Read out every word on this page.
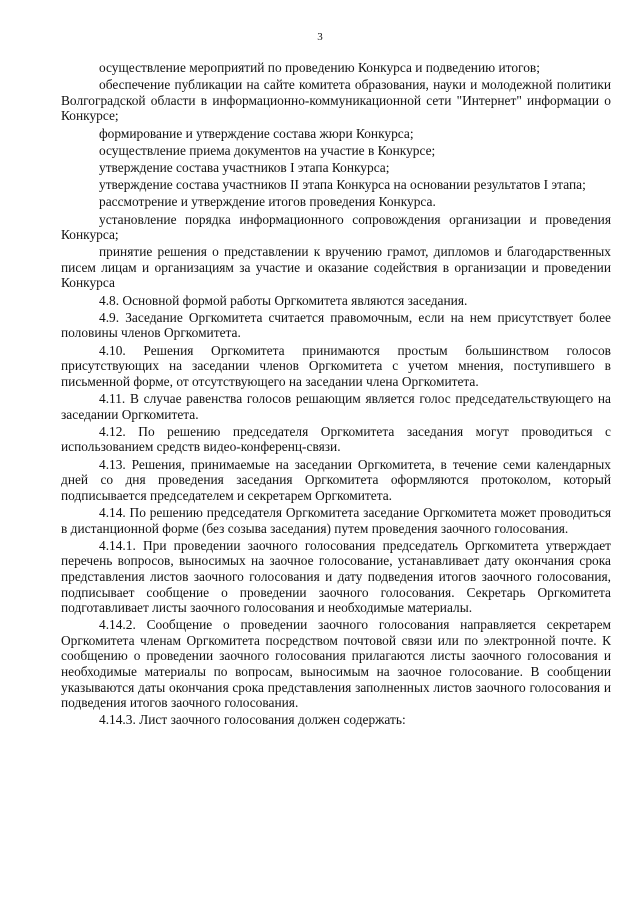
3

осуществление мероприятий по проведению Конкурса и подведению итогов;

обеспечение публикации на сайте комитета образования, науки и молодежной политики Волгоградской области в информационно-коммуникационной сети "Интернет" информации о Конкурсе;

формирование и утверждение состава жюри Конкурса;

осуществление приема документов на участие в Конкурсе;

утверждение состава участников I этапа Конкурса;

утверждение состава участников II этапа Конкурса на основании результатов I этапа;

рассмотрение и утверждение итогов проведения Конкурса.

установление порядка информационного сопровождения организации и проведения Конкурса;

принятие решения о представлении к вручению грамот, дипломов и благодарственных писем лицам и организациям за участие и оказание содействия в организации и проведении Конкурса

4.8. Основной формой работы Оргкомитета являются заседания.

4.9. Заседание Оргкомитета считается правомочным, если на нем присутствует более половины членов Оргкомитета.

4.10. Решения Оргкомитета принимаются простым большинством голосов присутствующих на заседании членов Оргкомитета с учетом мнения, поступившего в письменной форме, от отсутствующего на заседании члена Оргкомитета.

4.11. В случае равенства голосов решающим является голос председательствующего на заседании Оргкомитета.

4.12. По решению председателя Оргкомитета заседания могут проводиться с использованием средств видео-конференц-связи.

4.13. Решения, принимаемые на заседании Оргкомитета, в течение семи календарных дней со дня проведения заседания Оргкомитета оформляются протоколом, который подписывается председателем и секретарем Оргкомитета.

4.14. По решению председателя Оргкомитета заседание Оргкомитета может проводиться в дистанционной форме (без созыва заседания) путем проведения заочного голосования.

4.14.1. При проведении заочного голосования председатель Оргкомитета утверждает перечень вопросов, выносимых на заочное голосование, устанавливает дату окончания срока представления листов заочного голосования и дату подведения итогов заочного голосования, подписывает сообщение о проведении заочного голосования. Секретарь Оргкомитета подготавливает листы заочного голосования и необходимые материалы.

4.14.2. Сообщение о проведении заочного голосования направляется секретарем Оргкомитета членам Оргкомитета посредством почтовой связи или по электронной почте. К сообщению о проведении заочного голосования прилагаются листы заочного голосования и необходимые материалы по вопросам, выносимым на заочное голосование. В сообщении указываются даты окончания срока представления заполненных листов заочного голосования и подведения итогов заочного голосования.

4.14.3. Лист заочного голосования должен содержать:
